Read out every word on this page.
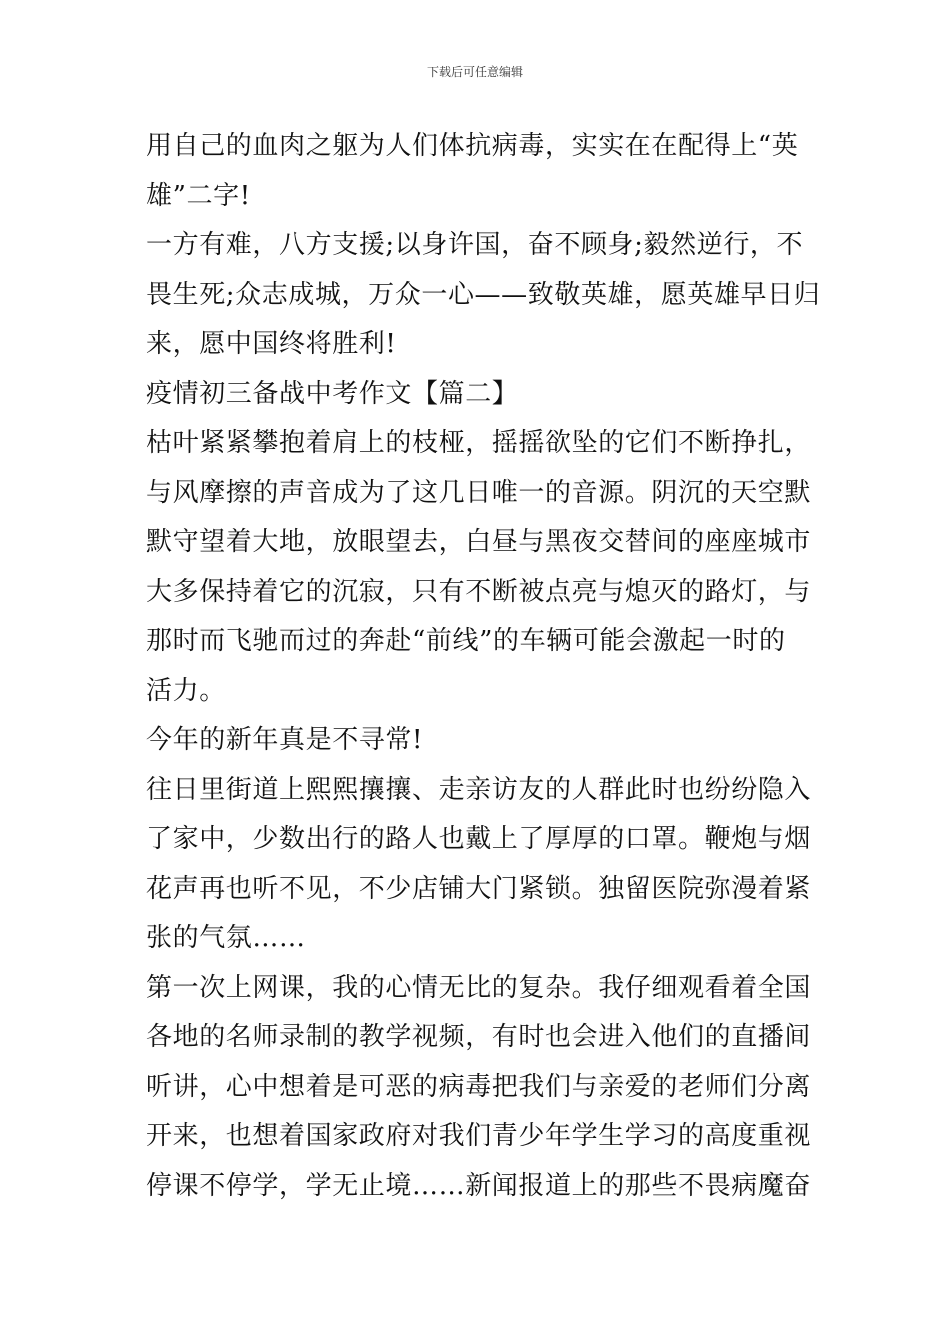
下载后可任意编辑
用自己的血肉之躯为人们体抗病毒，实实在在配得上“英
雄”二字!
一方有难，八方支援;以身许国，奋不顾身;毅然逆行，不
畏生死;众志成城，万众一心——致敬英雄，愿英雄早日归
来，愿中国终将胜利!
疫情初三备战中考作文【篇二】
枯叶紧紧攀抱着肩上的枝桠，摇摇欲坠的它们不断挣扎，
与风摩擦的声音成为了这几日唯一的音源。阴沉的天空默
默守望着大地，放眼望去，白昼与黑夜交替间的座座城市
大多保持着它的沉寂，只有不断被点亮与熄灭的路灯，与
那时而飞驰而过的奔赴“前线”的车辆可能会激起一时的
活力。
今年的新年真是不寻常!
往日里街道上熙熙攘攘、走亲访友的人群此时也纷纷隐入
了家中，少数出行的路人也戴上了厚厚的口罩。鞭炮与烟
花声再也听不见，不少店铺大门紧锁。独留医院弥漫着紧
张的气氛……
第一次上网课，我的心情无比的复杂。我仔细观看着全国
各地的名师录制的教学视频，有时也会进入他们的直播间
听讲，心中想着是可恶的病毒把我们与亲爱的老师们分离
开来，也想着国家政府对我们青少年学生学习的高度重视
停课不停学，学无止境……新闻报道上的那些不畏病魔奋
